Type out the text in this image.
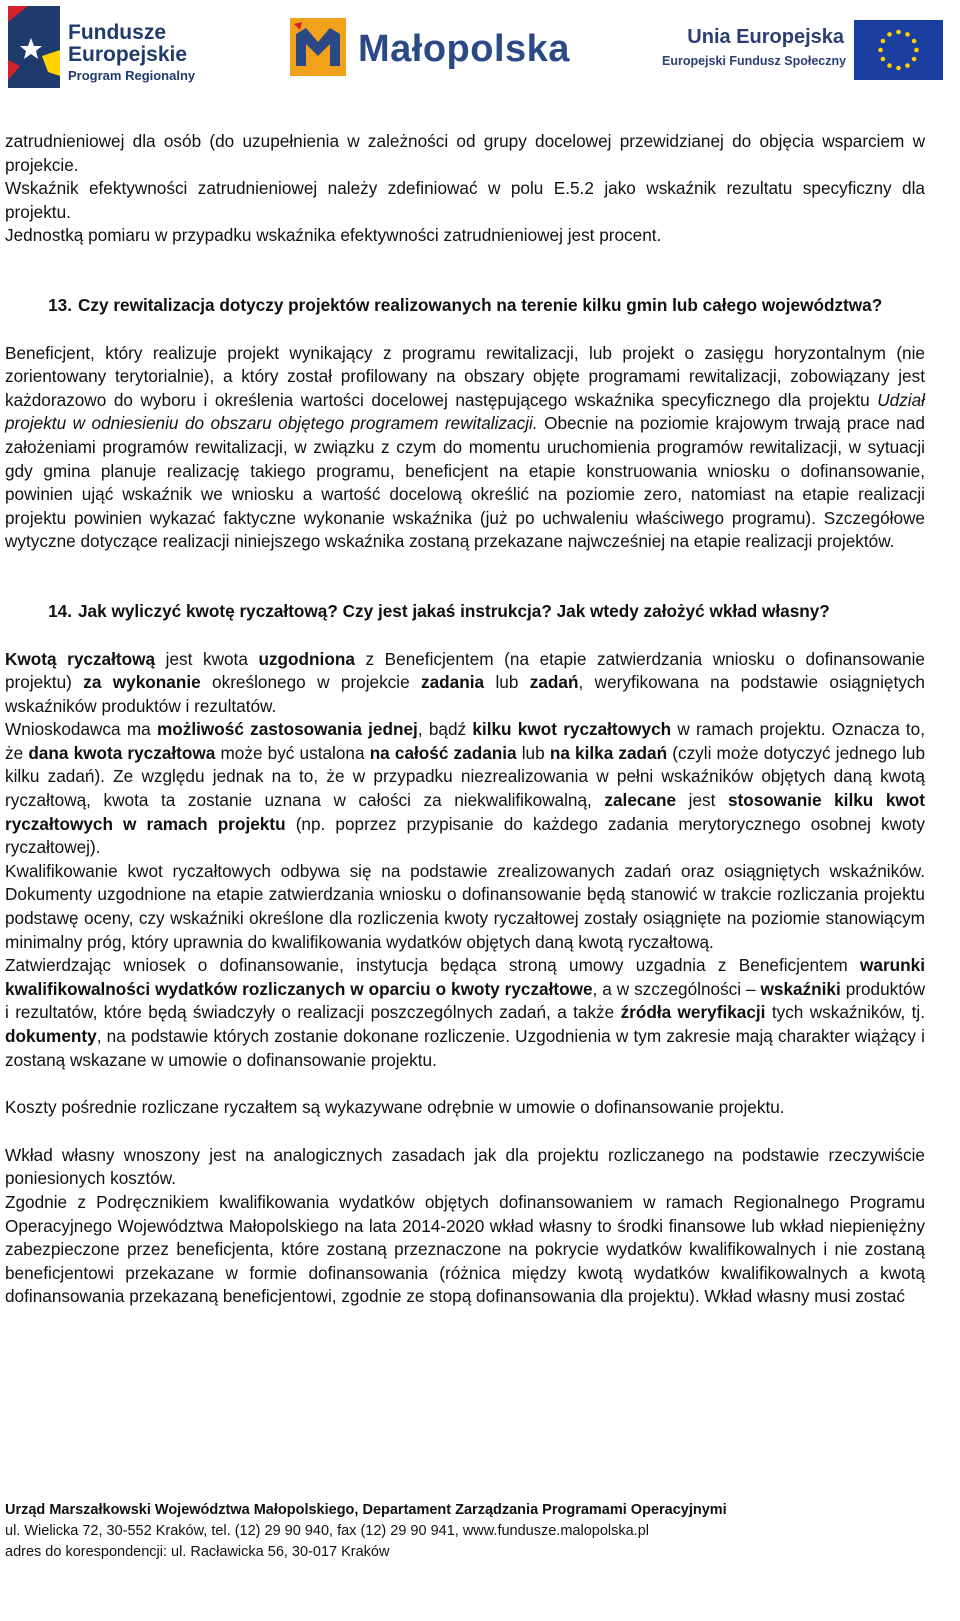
Fundusze
Europejskie
Program Regionalny
Małopolska	Unia Europejska
Europejski Fundusz Społeczny

zatrudnieniowej dla osób (do uzupełnienia w zależności od grupy docelowej przewidzianej do objęcia wsparciem w projekcie.

Wskaźnik efektywności zatrudnieniowej należy zdefiniować w polu E.5.2 jako wskaźnik rezultatu specyficzny dla projektu.

Jednostką pomiaru w przypadku wskaźnika efektywności zatrudnieniowej jest procent.

13. Czy rewitalizacja dotyczy projektów realizowanych na terenie kilku gmin lub całego województwa?

Beneficjent, który realizuje projekt wynikający z programu rewitalizacji, lub projekt o zasięgu horyzontalnym (nie zorientowany terytorialnie), a który został profilowany na obszary objęte programami rewitalizacji, zobowiązany jest każdorazowo do wyboru i określenia wartości docelowej następującego wskaźnika specyficznego dla projektu Udział projektu w odniesieniu do obszaru objętego programem rewitalizacji. Obecnie na poziomie krajowym trwają prace nad założeniami programów rewitalizacji, w związku z czym do momentu uruchomienia programów rewitalizacji, w sytuacji gdy gmina planuje realizację takiego programu, beneficjent na etapie konstruowania wniosku o dofinansowanie, powinien ująć wskaźnik we wniosku a wartość docelową określić na poziomie zero, natomiast na etapie realizacji projektu powinien wykazać faktyczne wykonanie wskaźnika (już po uchwaleniu właściwego programu). Szczegółowe wytyczne dotyczące realizacji niniejszego wskaźnika zostaną przekazane najwcześniej na etapie realizacji projektów.

14. Jak wyliczyć kwotę ryczałtową? Czy jest jakaś instrukcja? Jak wtedy założyć wkład własny?

Kwotą ryczałtową jest kwota uzgodniona z Beneficjentem (na etapie zatwierdzania wniosku o dofinansowanie projektu) za wykonanie określonego w projekcie zadania lub zadań, weryfikowana na podstawie osiągniętych wskaźników produktów i rezultatów.

Wnioskodawca ma możliwość zastosowania jednej, bądź kilku kwot ryczałtowych w ramach projektu. Oznacza to, że dana kwota ryczałtowa może być ustalona na całość zadania lub na kilka zadań (czyli może dotyczyć jednego lub kilku zadań). Ze względu jednak na to, że w przypadku niezrealizowania w pełni wskaźników objętych daną kwotą ryczałtową, kwota ta zostanie uznana w całości za niekwalifikowalną, zalecane jest stosowanie kilku kwot ryczałtowych w ramach projektu (np. poprzez przypisanie do każdego zadania merytorycznego osobnej kwoty ryczałtowej).

Kwalifikowanie kwot ryczałtowych odbywa się na podstawie zrealizowanych zadań oraz osiągniętych wskaźników. Dokumenty uzgodnione na etapie zatwierdzania wniosku o dofinansowanie będą stanowić w trakcie rozliczania projektu podstawę oceny, czy wskaźniki określone dla rozliczenia kwoty ryczałtowej zostały osiągnięte na poziomie stanowiącym minimalny próg, który uprawnia do kwalifikowania wydatków objętych daną kwotą ryczałtową.

Zatwierdzając wniosek o dofinansowanie, instytucja będąca stroną umowy uzgadnia z Beneficjentem warunki kwalifikowalności wydatków rozliczanych w oparciu o kwoty ryczałtowe, a w szczególności – wskaźniki produktów i rezultatów, które będą świadczyły o realizacji poszczególnych zadań, a także źródła weryfikacji tych wskaźników, tj. dokumenty, na podstawie których zostanie dokonane rozliczenie. Uzgodnienia w tym zakresie mają charakter wiążący i zostaną wskazane w umowie o dofinansowanie projektu.

Koszty pośrednie rozliczane ryczałtem są wykazywane odrębnie w umowie o dofinansowanie projektu.

Wkład własny wnoszony jest na analogicznych zasadach jak dla projektu rozliczanego na podstawie rzeczywiście poniesionych kosztów.

Zgodnie z Podręcznikiem kwalifikowania wydatków objętych dofinansowaniem w ramach Regionalnego Programu Operacyjnego Województwa Małopolskiego na lata 2014-2020 wkład własny to środki finansowe lub wkład niepieniężny zabezpieczone przez beneficjenta, które zostaną przeznaczone na pokrycie wydatków kwalifikowalnych i nie zostaną beneficjentowi przekazane w formie dofinansowania (różnica między kwotą wydatków kwalifikowalnych a kwotą dofinansowania przekazaną beneficjentowi, zgodnie ze stopą dofinansowania dla projektu). Wkład własny musi zostać

Urząd Marszałkowski Województwa Małopolskiego, Departament Zarządzania Programami Operacyjnymi
ul. Wielicka 72, 30-552 Kraków, tel. (12) 29 90 940, fax (12) 29 90 941, www.fundusze.malopolska.pl
adres do korespondencji: ul. Racławicka 56, 30-017 Kraków
